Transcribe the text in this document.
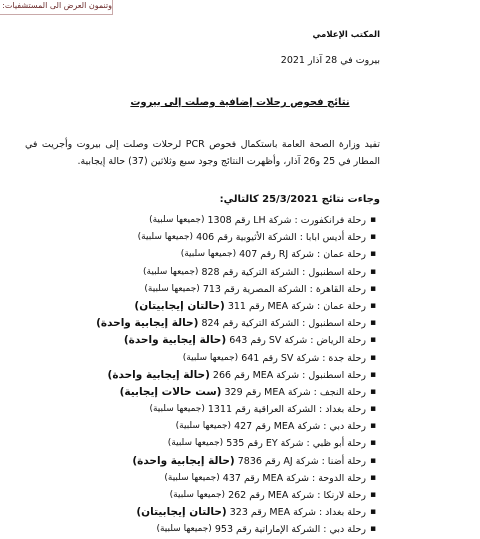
وتنمون العرض الى المستشفيات:
المكتب الإعلامي
بيروت في 28 آذار 2021
نتائج فحوص رحلات إضافية وصلت إلى بيروت
تفيد وزارة الصحة العامة باستكمال فحوص PCR لرحلات وصلت إلى بيروت وأجريت في المطار في 25 و26 آذار، وأظهرت النتائج وجود سبع وثلاثين (37) حالة إيجابية.
وجاءت نتائج 25/3/2021 كالتالي:
▪
رحلة فرانكفورت : شركة LH رقم 1308

(جميعها سلبية)
▪
رحلة أديس ابابا : الشركة الأثيوبية رقم 406

(جميعها سلبية)
▪
رحلة عمان : شركة RJ رقم 407

(جميعها سلبية)
▪
رحلة اسطنبول : الشركة التركية رقم 828

(جميعها سلبية)
▪
رحلة القاهرة : الشركة المصرية رقم 713

(جميعها سلبية)
▪
رحلة عمان : شركة MEA رقم 311

(حالتان إيجابيتان)
▪
رحلة اسطنبول : الشركة التركية رقم 824

(حالة إيجابية واحدة)
▪
رحلة الرياض : شركة SV رقم 643

(حالة إيجابية واحدة)
▪
رحلة جدة : شركة SV رقم 641

(جميعها سلبية)
▪
رحلة اسطنبول : شركة MEA رقم 266

(حالة إيجابية واحدة)
▪
رحلة النجف : شركة MEA رقم 329

(ست حالات إيجابية)
▪
رحلة بغداد : الشركة العراقية رقم 1311

(جميعها سلبية)
▪
رحلة دبي : شركة MEA رقم 427

(جميعها سلبية)
▪
رحلة أبو ظبي : شركة EY رقم 535

(جميعها سلبية)
▪
رحلة أضنا : شركة AJ رقم 7836

(حالة إيجابية واحدة)
▪
رحلة الدوحة : شركة MEA رقم 437

(جميعها سلبية)
▪
رحلة لارنكا : شركة MEA رقم 262

(جميعها سلبية)
▪
رحلة بغداد : شركة MEA رقم 323

(حالتان إيجابيتان)
▪
رحلة دبي : الشركة الإماراتية رقم 953

(جميعها سلبية)
